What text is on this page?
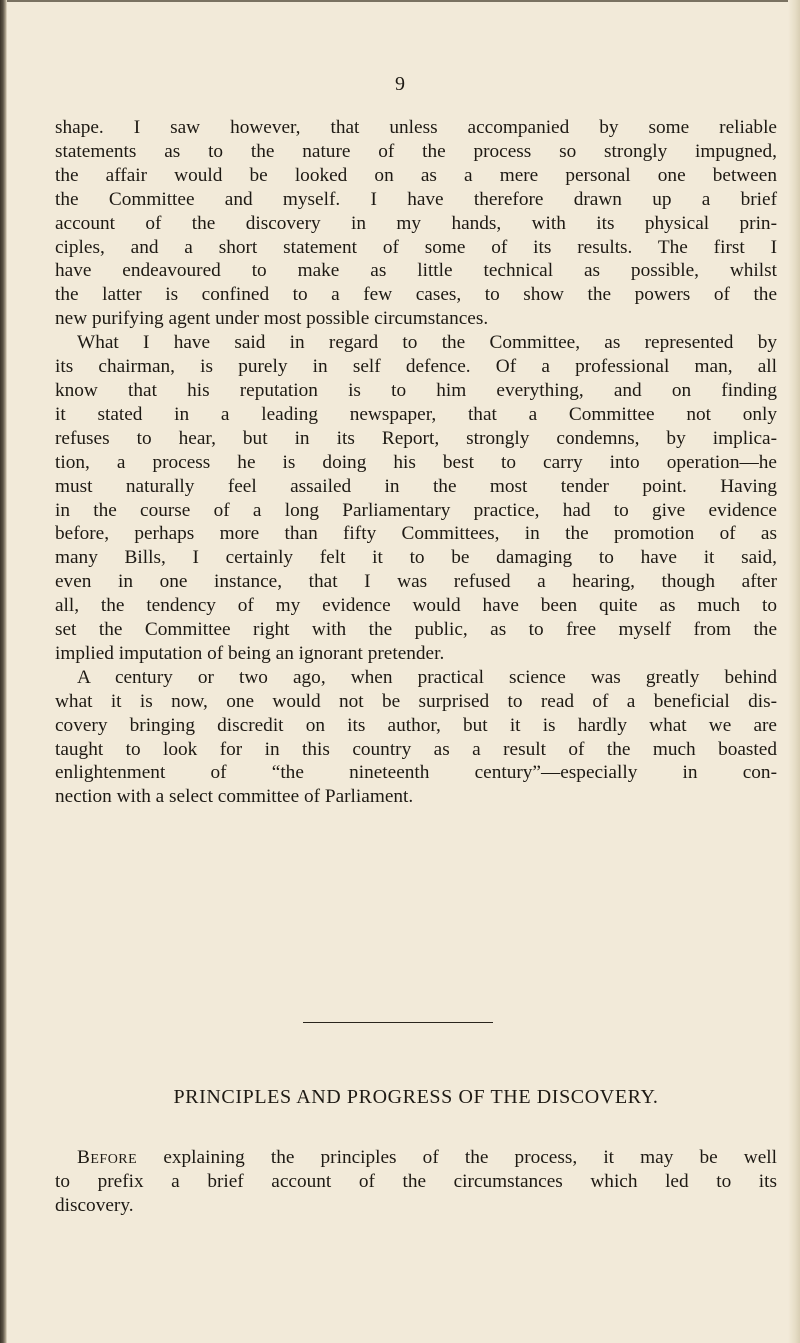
9

shape. I saw however, that unless accompanied by some reliable
statements as to the nature of the process so strongly impugned,
the affair would be looked on as a mere personal one between
the Committee and myself. I have therefore drawn up a brief
account of the discovery in my hands, with its physical prin-
ciples, and a short statement of some of its results. The first I
have endeavoured to make as little technical as possible, whilst
the latter is confined to a few cases, to show the powers of the
new purifying agent under most possible circumstances.

What I have said in regard to the Committee, as represented by
its chairman, is purely in self defence. Of a professional man, all
know that his reputation is to him everything, and on finding
it stated in a leading newspaper, that a Committee not only
refuses to hear, but in its Report, strongly condemns, by implica-
tion, a process he is doing his best to carry into operation—he
must naturally feel assailed in the most tender point. Having
in the course of a long Parliamentary practice, had to give evidence
before, perhaps more than fifty Committees, in the promotion of as
many Bills, I certainly felt it to be damaging to have it said,
even in one instance, that I was refused a hearing, though after
all, the tendency of my evidence would have been quite as much to
set the Committee right with the public, as to free myself from the
implied imputation of being an ignorant pretender.

A century or two ago, when practical science was greatly behind
what it is now, one would not be surprised to read of a beneficial dis-
covery bringing discredit on its author, but it is hardly what we are
taught to look for in this country as a result of the much boasted
enlightenment of “the nineteenth century”—especially in con-
nection with a select committee of Parliament.

PRINCIPLES AND PROGRESS OF THE DISCOVERY.

Before explaining the principles of the process, it may be well
to prefix a brief account of the circumstances which led to its
discovery.
